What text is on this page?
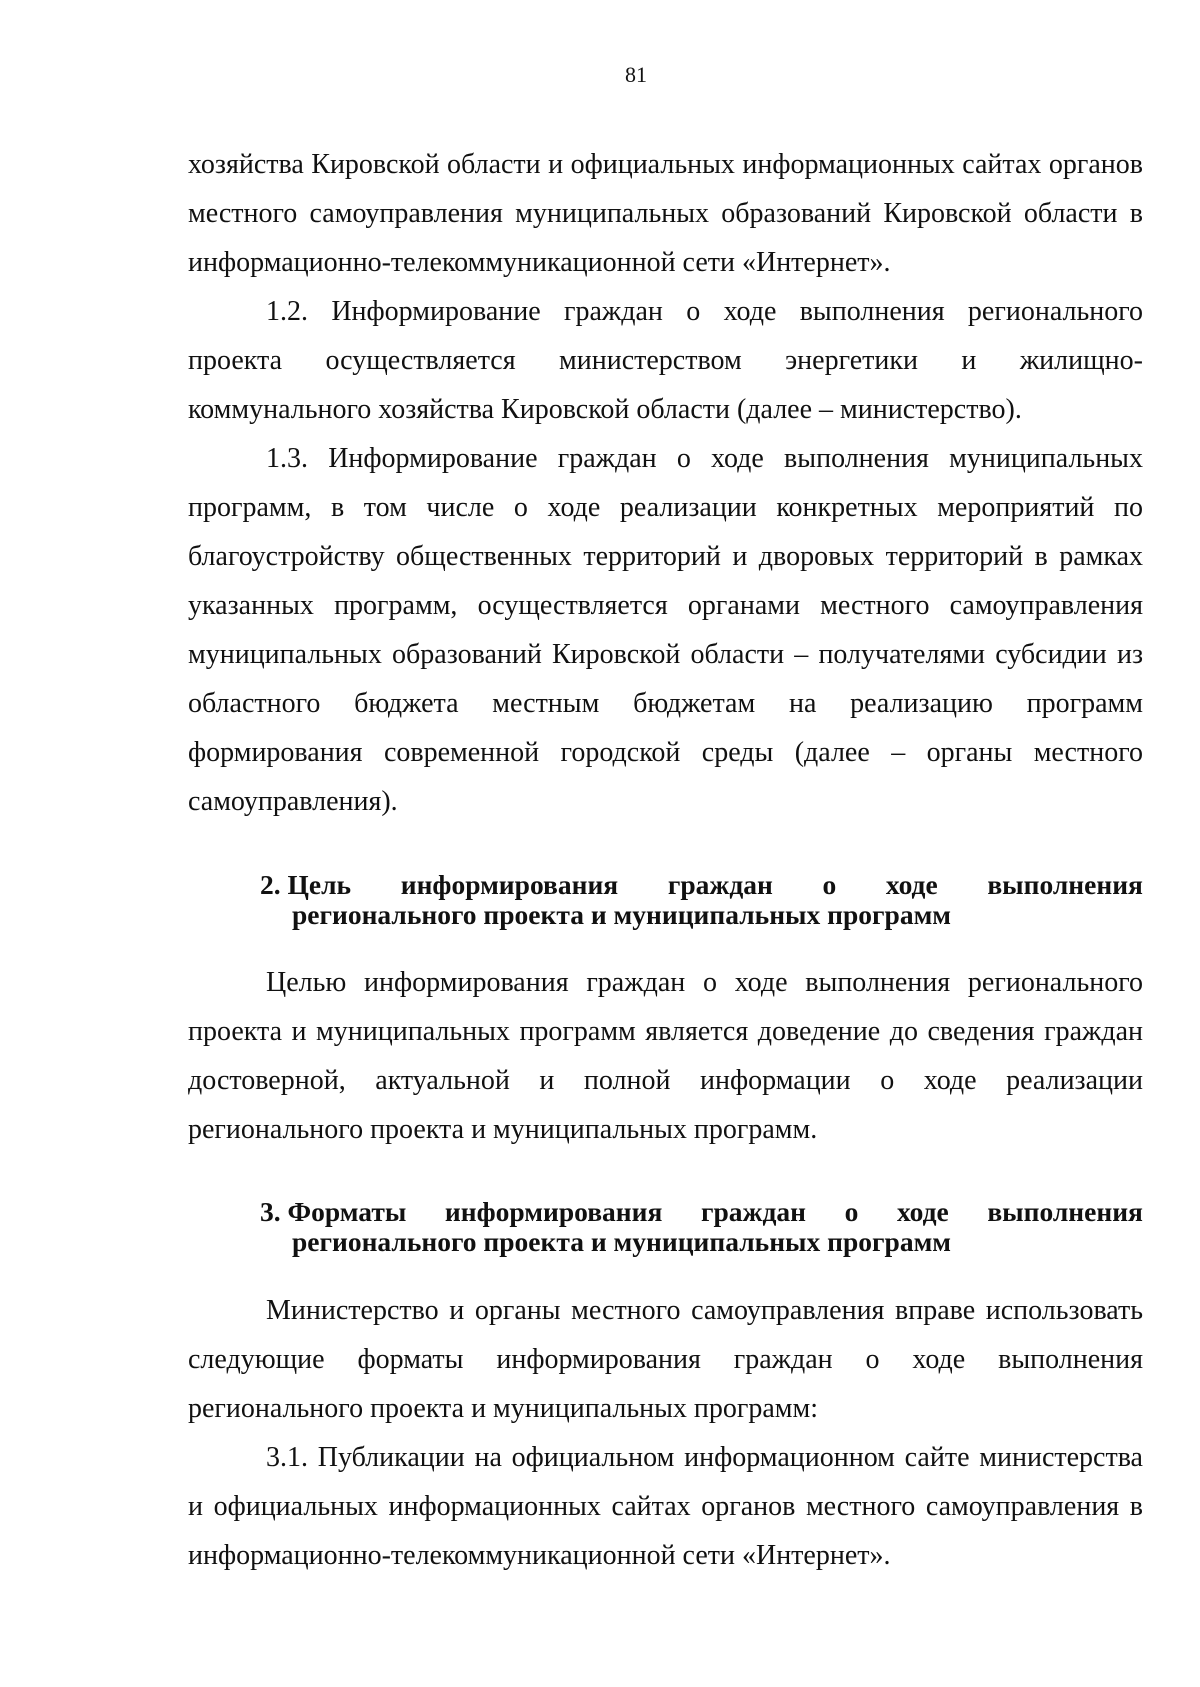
81

хозяйства Кировской области и официальных информационных сайтах органов местного самоуправления муниципальных образований Кировской области в информационно-телекоммуникационной сети «Интернет».

1.2. Информирование граждан о ходе выполнения регионального проекта осуществляется министерством энергетики и жилищно-коммунального хозяйства Кировской области (далее – министерство).

1.3. Информирование граждан о ходе выполнения муниципальных программ, в том числе о ходе реализации конкретных мероприятий по благоустройству общественных территорий и дворовых территорий в рамках указанных программ, осуществляется органами местного самоуправления муниципальных образований Кировской области – получателями субсидии из областного бюджета местным бюджетам на реализацию программ формирования современной городской среды (далее – органы местного самоуправления).

2. Цель информирования граждан о ходе выполнения
регионального проекта и муниципальных программ

Целью информирования граждан о ходе выполнения регионального проекта и муниципальных программ является доведение до сведения граждан достоверной, актуальной и полной информации о ходе реализации регионального проекта и муниципальных программ.

3. Форматы информирования граждан о ходе выполнения
регионального проекта и муниципальных программ

Министерство и органы местного самоуправления вправе использовать следующие форматы информирования граждан о ходе выполнения регионального проекта и муниципальных программ:

3.1. Публикации на официальном информационном сайте министерства и официальных информационных сайтах органов местного самоуправления в информационно-телекоммуникационной сети «Интернет».
